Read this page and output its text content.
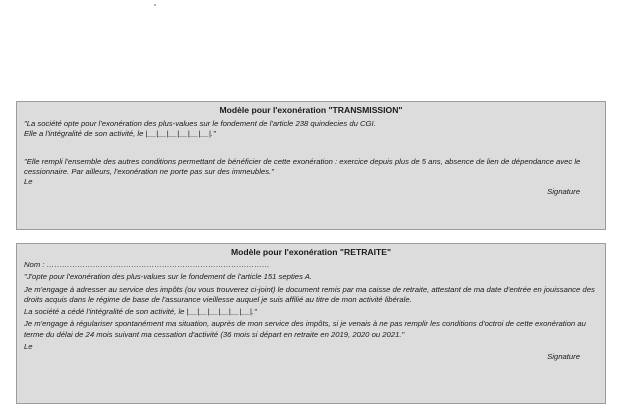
Modèle pour l'exonération "TRANSMISSION"
"La société opte pour l'exonération des plus-values sur le fondement de l'article 238 quindecies du CGI.
Elle a l'intégralité de son activité, le |__|__|__|__|__|__|."
"Elle rempli l'ensemble des autres conditions permettant de bénéficier de cette exonération : exercice depuis plus de 5 ans, absence de lien de dépendance avec le cessionnaire. Par ailleurs, l'exonération ne porte pas sur des immeubles."
Le
Signature
Modèle pour l'exonération "RETRAITE"
Nom : ……………………………………………………………………………
"J'opte pour l'exonération des plus-values sur le fondement de l'article 151 septies A.
Je m'engage à adresser au service des impôts (ou vous trouverez ci-joint) le document remis par ma caisse de retraite, attestant de ma date d'entrée en jouissance des droits acquis dans le régime de base de l'assurance vieillesse auquel je suis affilié au titre de mon activité libérale.
La société a cédé l'intégralité de son activité, le |__|__|__|__|__|__|."
Je m'engage à régulariser spontanément ma situation, auprès de mon service des impôts, si je venais à ne pas remplir les conditions d'octroi de cette exonération au terme du délai de 24 mois suivant ma cessation d'activité (36 mois si départ en retraite en 2019, 2020 ou 2021."
Le
Signature
